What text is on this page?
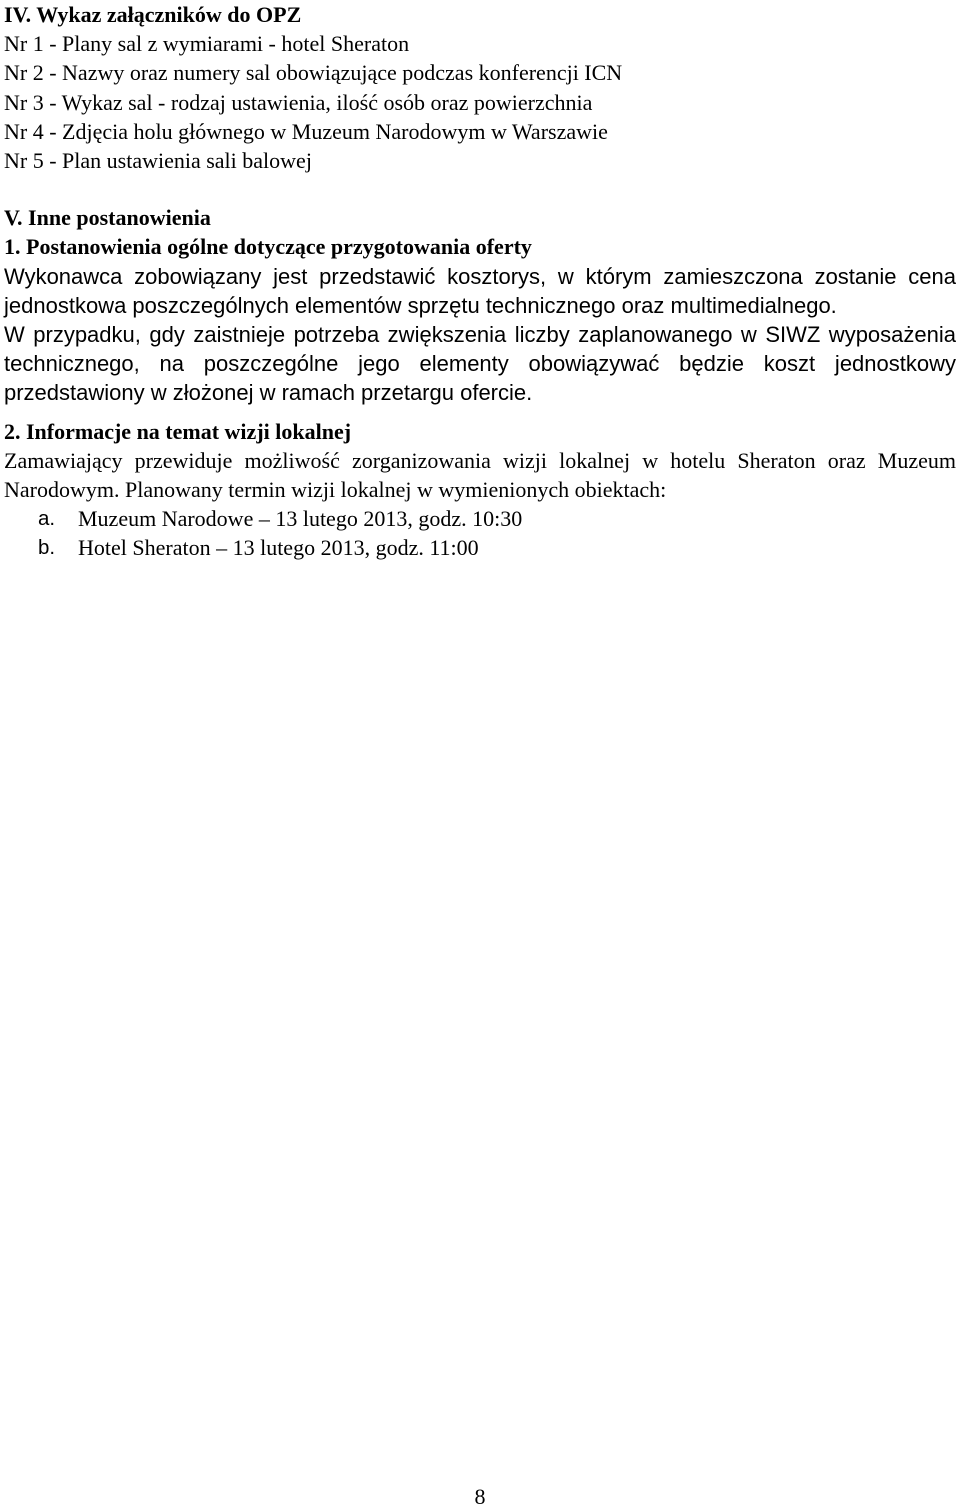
IV. Wykaz załączników do OPZ
Nr 1 - Plany sal z wymiarami - hotel Sheraton
Nr 2 - Nazwy oraz numery sal obowiązujące podczas konferencji ICN
Nr 3 - Wykaz sal - rodzaj ustawienia, ilość osób oraz powierzchnia
Nr 4 - Zdjęcia holu głównego w Muzeum Narodowym w Warszawie
Nr 5 - Plan ustawienia sali balowej
V. Inne postanowienia
1. Postanowienia ogólne dotyczące przygotowania oferty
Wykonawca zobowiązany jest przedstawić kosztorys, w którym zamieszczona zostanie cena jednostkowa poszczególnych elementów sprzętu technicznego oraz multimedialnego.
W przypadku, gdy zaistnieje potrzeba zwiększenia liczby zaplanowanego w SIWZ wyposażenia technicznego, na poszczególne jego elementy obowiązywać będzie koszt jednostkowy przedstawiony w złożonej w ramach przetargu ofercie.
2. Informacje na temat wizji lokalnej
Zamawiający przewiduje możliwość zorganizowania wizji lokalnej w hotelu Sheraton oraz Muzeum Narodowym. Planowany termin wizji lokalnej w wymienionych obiektach:
a. Muzeum Narodowe – 13 lutego 2013, godz. 10:30
b. Hotel Sheraton – 13 lutego 2013, godz. 11:00
8
